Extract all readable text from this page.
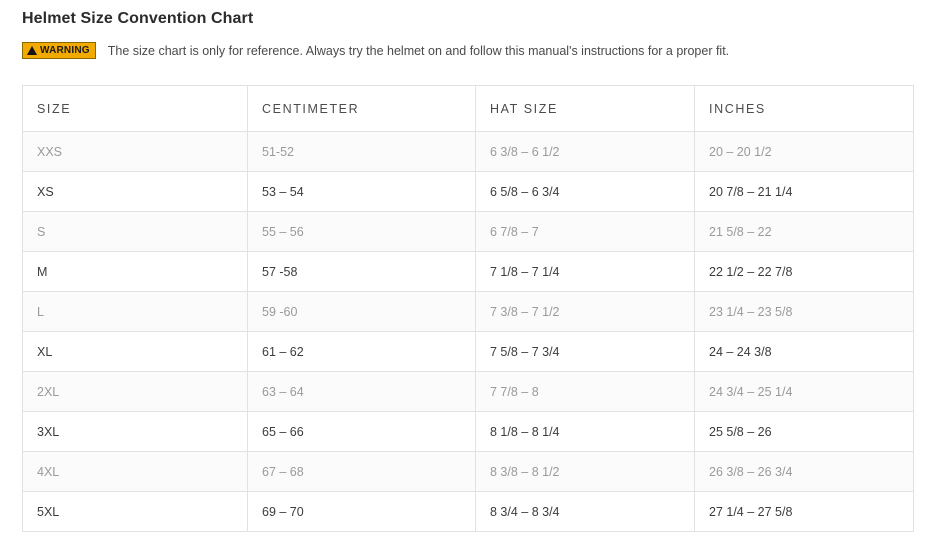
Helmet Size Convention Chart
WARNING The size chart is only for reference. Always try the helmet on and follow this manual's instructions for a proper fit.
SIZE	CENTIMETER	HAT SIZE	INCHES
XXS	51-52	6 3/8 – 6 1/2	20 – 20 1/2
XS	53 – 54	6 5/8 – 6 3/4	20 7/8 – 21 1/4
S	55 – 56	6 7/8 – 7	21 5/8 – 22
M	57 -58	7 1/8 – 7 1/4	22 1/2 – 22 7/8
L	59 -60	7 3/8 – 7 1/2	23 1/4 – 23 5/8
XL	61 – 62	7 5/8 – 7 3/4	24 – 24 3/8
2XL	63 – 64	7 7/8 – 8	24 3/4 – 25 1/4
3XL	65 – 66	8 1/8 – 8 1/4	25 5/8 – 26
4XL	67 – 68	8 3/8 – 8 1/2	26 3/8 – 26 3/4
5XL	69 – 70	8 3/4 – 8 3/4	27 1/4 – 27 5/8
